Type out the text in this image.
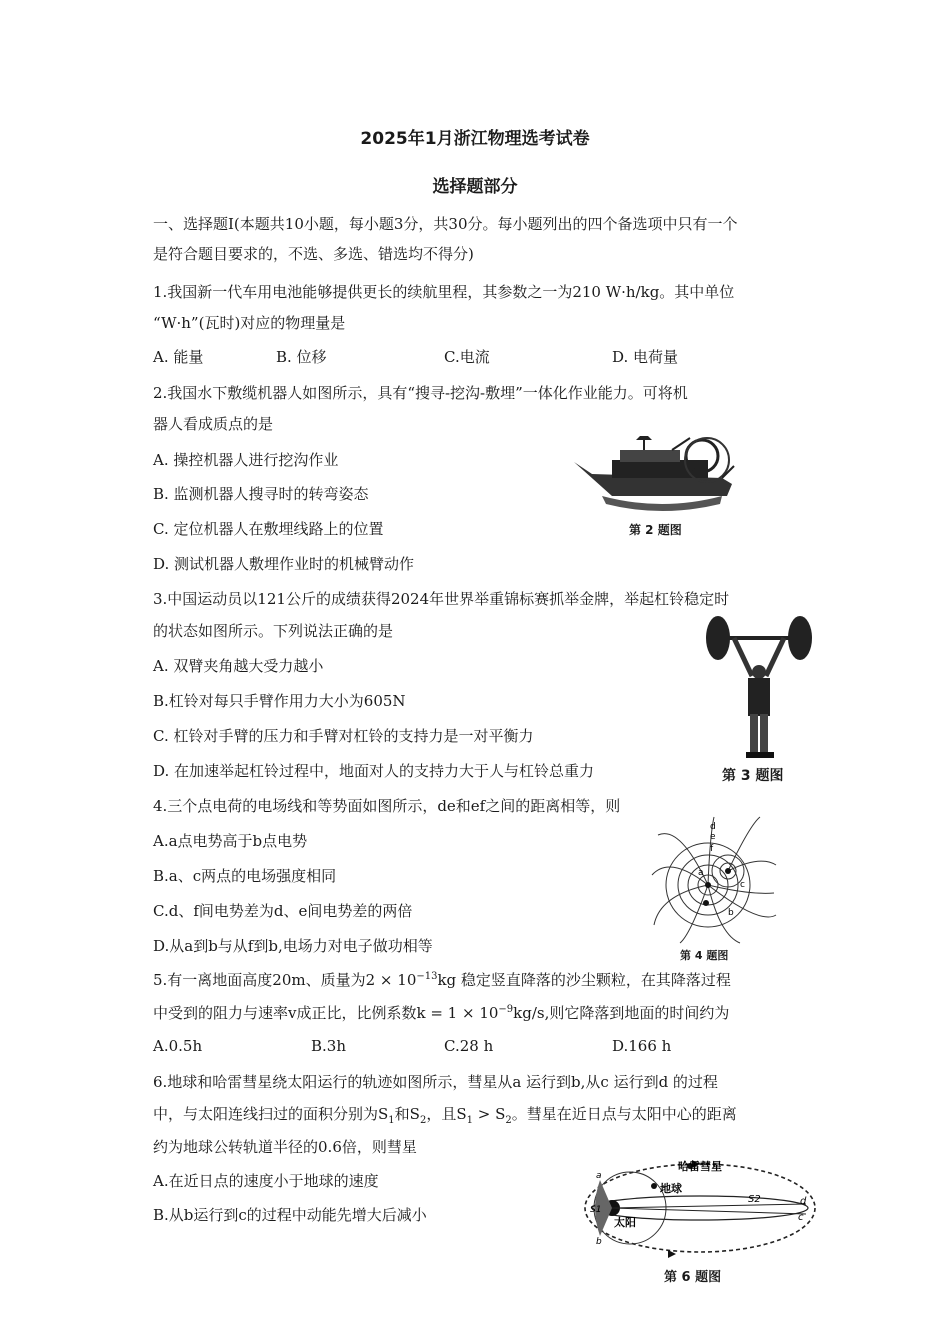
2025年1月浙江物理选考试卷
选择题部分
一、选择题I(本题共10小题，每小题3分，共30分。每小题列出的四个备选项中只有一个
是符合题目要求的，不选、多选、错选均不得分)
1.我国新一代车用电池能够提供更长的续航里程，其参数之一为210 W·h/kg。其中单位
“W·h”(瓦时)对应的物理量是
A. 能量	B. 位移	C.电流	D. 电荷量
2.我国水下敷缆机器人如图所示，具有“搜寻-挖沟-敷埋”一体化作业能力。可将机
器人看成质点的是
A. 操控机器人进行挖沟作业
B. 监测机器人搜寻时的转弯姿态
C. 定位机器人在敷埋线路上的位置
D. 测试机器人敷埋作业时的机械臂动作
第 2 题图
3.中国运动员以121公斤的成绩获得2024年世界举重锦标赛抓举金牌，举起杠铃稳定时
的状态如图所示。下列说法正确的是
A. 双臂夹角越大受力越小
B.杠铃对每只手臂作用力大小为605N
C. 杠铃对手臂的压力和手臂对杠铃的支持力是一对平衡力
D. 在加速举起杠铃过程中，地面对人的支持力大于人与杠铃总重力	第 3 题图
4.三个点电荷的电场线和等势面如图所示，de和ef之间的距离相等，则
A.a点电势高于b点电势
B.a、c两点的电场强度相同
C.d、f间电势差为d、e间电势差的两倍
D.从a到b与从f到b,电场力对电子做功相等
d
e
f
a
b
c
第 4 题图
5.有一离地面高度20m、质量为$2 \times 10^{-13}kg$ 稳定竖直降落的沙尘颗粒，在其降落过程
中受到的阻力与速率v成正比，比例系数$k = 1 \times 10^{-9}kg/s$,则它降落到地面的时间约为
A.0.5h	B.3h	C.28 h	D.166 h
6.地球和哈雷彗星绕太阳运行的轨迹如图所示，彗星从a 运行到b,从c 运行到d 的过程
中，与太阳连线扫过的面积分别为$S_1$和$S_2$，且$S_1 > S_2$。彗星在近日点与太阳中心的距离
约为地球公转轨道半径的0.6倍，则彗星
A.在近日点的速度小于地球的速度
B.从b运行到c的过程中动能先增大后减小
哈雷彗星
地球
太阳
S1
S2
a
b
c
d
第 6 题图
